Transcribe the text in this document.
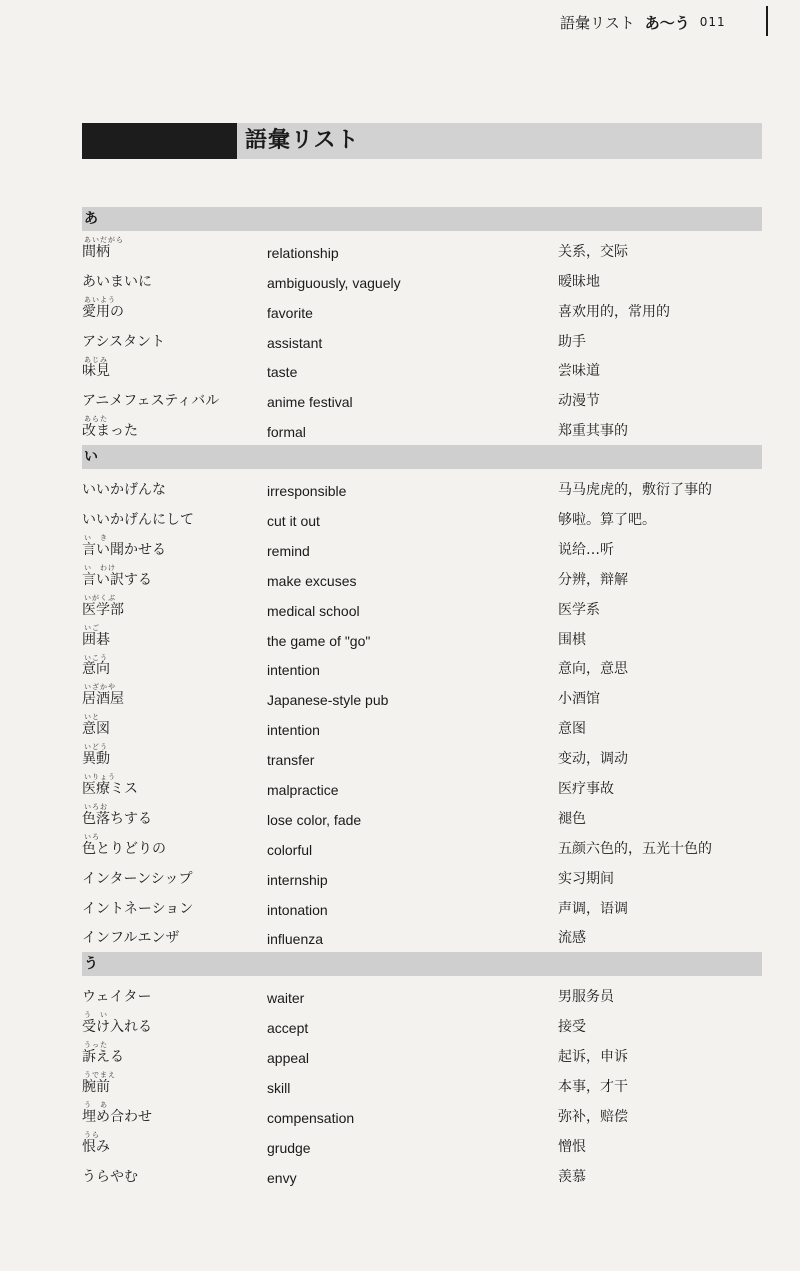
語彙リスト あ〜う 011
語彙リスト
あ
あいだがら
間柄	relationship	关系，交际
あいまいに	ambiguously, vaguely	暧昧地
あいよう
愛用の	favorite	喜欢用的，常用的
アシスタント	assistant	助手
あじみ
味見	taste	尝味道
アニメフェスティバル	anime festival	动漫节
あらた
改まった	formal	郑重其事的
い
いいかげんな	irresponsible	马马虎虎的，敷衍了事的
いいかげんにして	cut it out	够啦。算了吧。
い　き
言い聞かせる	remind	说给…听
い　わけ
言い訳する	make excuses	分辨，辩解
いがくぶ
医学部	medical school	医学系
いご
囲碁	the game of "go"	围棋
いこう
意向	intention	意向，意思
いざかや
居酒屋	Japanese-style pub	小酒馆
いと
意図	intention	意图
いどう
異動	transfer	变动，调动
いりょう
医療ミス	malpractice	医疗事故
いろお
色落ちする	lose color, fade	褪色
いろ
色とりどりの	colorful	五颜六色的，五光十色的
インターンシップ	internship	实习期间
イントネーション	intonation	声调，语调
インフルエンザ	influenza	流感
う
ウェイター	waiter	男服务员
う　い
受け入れる	accept	接受
うった
訴える	appeal	起诉，申诉
うでまえ
腕前	skill	本事，才干
う　あ
埋め合わせ	compensation	弥补，赔偿
うら
恨み	grudge	憎恨
うらやむ	envy	羡慕
